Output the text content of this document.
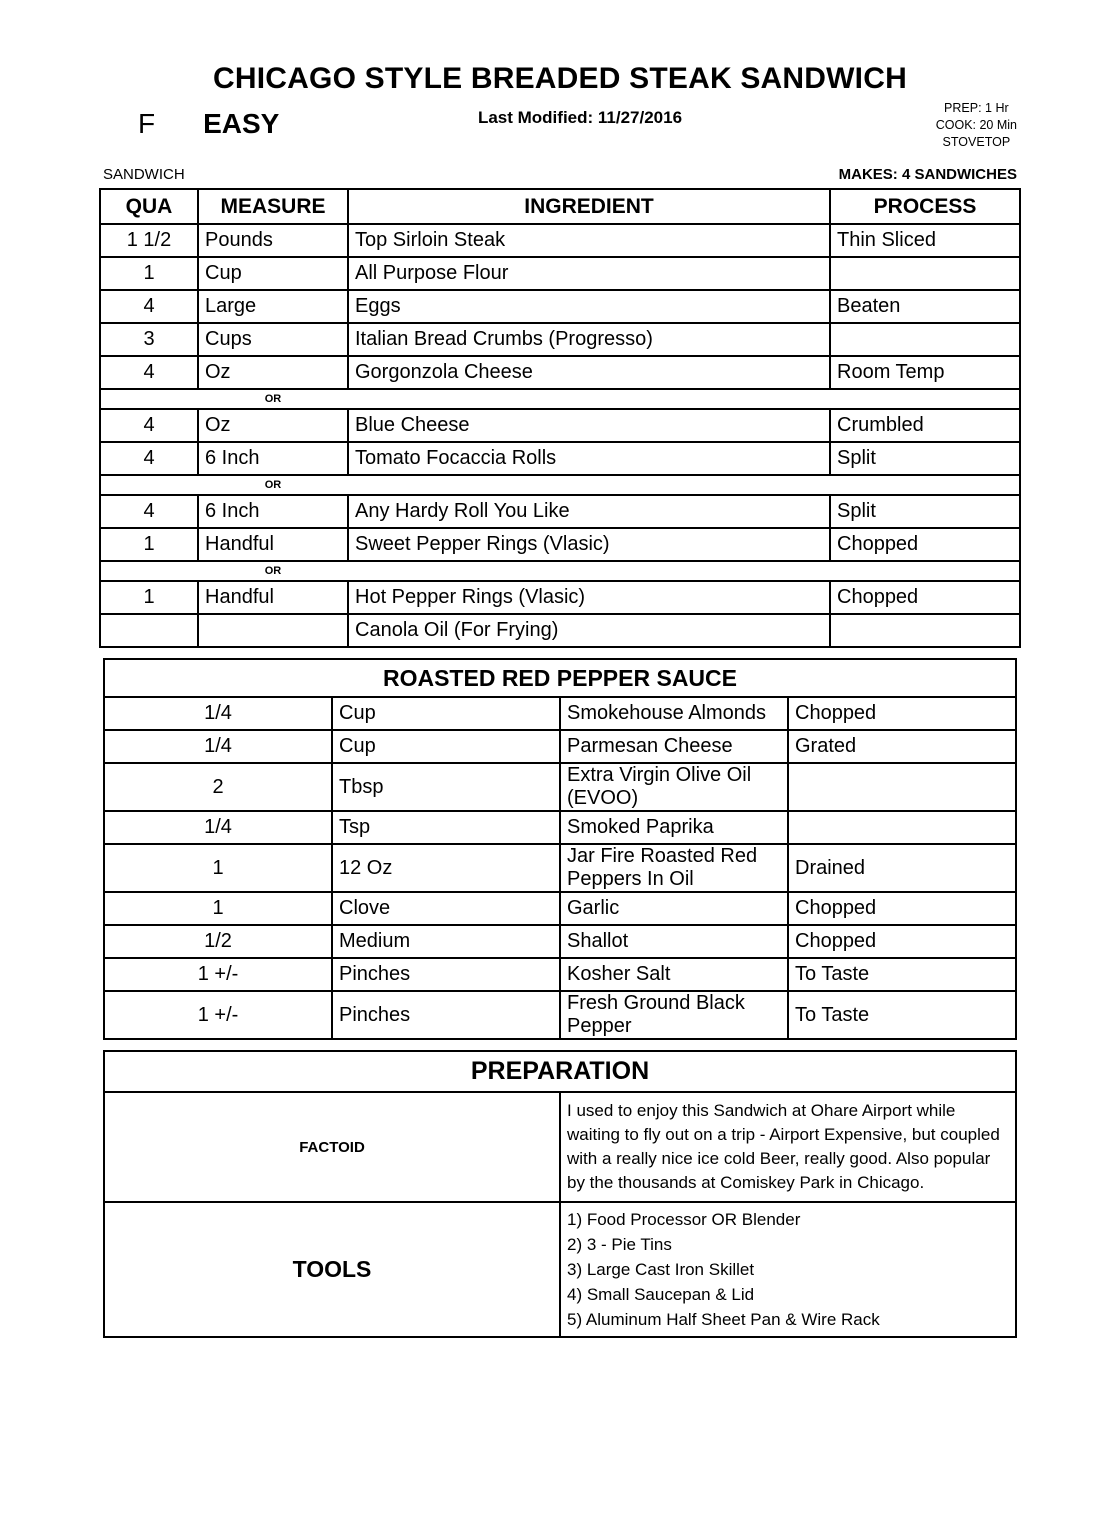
CHICAGO STYLE BREADED STEAK SANDWICH
F EASY	Last Modified: 11/27/2016	PREP: 1 Hr
COOK: 20 Min
STOVETOP
SANDWICH	MAKES: 4 SANDWICHES
QUA	MEASURE	INGREDIENT	PROCESS
1 1/2	Pounds	Top Sirloin Steak	Thin Sliced
1	Cup	All Purpose Flour	
4	Large	Eggs	Beaten
3	Cups	Italian Bread Crumbs (Progresso)	
4	Oz	Gorgonzola Cheese	Room Temp
	OR		
4	Oz	Blue Cheese	Crumbled
4	6 Inch	Tomato Focaccia Rolls	Split
	OR		
4	6 Inch	Any Hardy Roll You Like	Split
1	Handful	Sweet Pepper Rings (Vlasic)	Chopped
	OR		
1	Handful	Hot Pepper Rings (Vlasic)	Chopped
		Canola Oil (For Frying)	
ROASTED RED PEPPER SAUCE			
1/4	Cup	Smokehouse Almonds	Chopped
1/4	Cup	Parmesan Cheese	Grated
2	Tbsp	Extra Virgin Olive Oil (EVOO)	
1/4	Tsp	Smoked Paprika	
1	12 Oz	Jar Fire Roasted Red Peppers In Oil	Drained
1	Clove	Garlic	Chopped
1/2	Medium	Shallot	Chopped
1 +/-	Pinches	Kosher Salt	To Taste
1 +/-	Pinches	Fresh Ground Black Pepper	To Taste
PREPARATION	
FACTOID	I used to enjoy this Sandwich at Ohare Airport while waiting to fly out on a trip - Airport Expensive, but coupled with a really nice ice cold Beer, really good. Also popular by the thousands at Comiskey Park in Chicago.
TOOLS	1) Food Processor OR Blender
2) 3 - Pie Tins
3) Large Cast Iron Skillet
4) Small Saucepan & Lid
5) Aluminum Half Sheet Pan & Wire Rack
